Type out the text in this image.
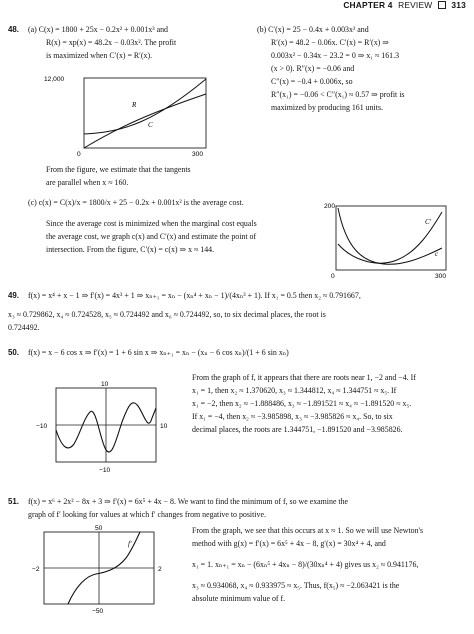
CHAPTER 4 REVIEW 313
48. (a) C(x) = 1800 + 25x − 0.2x² + 0.001x³ and
R(x) = xp(x) = 48.2x − 0.03x². The profit
is maximized when C′(x) = R′(x).
(b) C′(x) = 25 − 0.4x + 0.003x² and
R′(x) = 48.2 − 0.06x. C′(x) = R′(x) ⇒
0.003x² − 0.34x − 23.2 = 0 ⇒ x₁ ≈ 161.3
(x > 0). R″(x) = −0.06 and
C″(x) = −0.4 + 0.006x, so
R″(x₁) = −0.06 < C″(x₁) ≈ 0.57 ⇒ profit is
maximized by producing 161 units.
12,000
0	300
R
C
From the figure, we estimate that the tangents
are parallel when x ≈ 160.
(c) c(x) = C(x)/x = 1800/x + 25 − 0.2x + 0.001x² is the average cost.
Since the average cost is minimized when the marginal cost equals
the average cost, we graph c(x) and C′(x) and estimate the point of
intersection. From the figure, C′(x) = c(x) ⇒ x ≈ 144.
200
0	300
C′
c
49. f(x) = x⁴ + x − 1 ⇒ f′(x) = 4x³ + 1 ⇒ xₙ₊₁ = xₙ − (xₙ⁴ + xₙ − 1)/(4xₙ³ + 1). If x₁ = 0.5 then x₂ ≈ 0.791667,
x₃ ≈ 0.729862, x₄ ≈ 0.724528, x₅ ≈ 0.724492 and x₆ ≈ 0.724492, so, to six decimal places, the root is
0.724492.
50. f(x) = x − 6 cos x ⇒ f′(x) = 1 + 6 sin x ⇒ xₙ₊₁ = xₙ − (xₙ − 6 cos xₙ)/(1 + 6 sin xₙ)
From the graph of f, it appears that there are roots near 1, −2 and −4. If
x₁ = 1, then x₂ ≈ 1.370620, x₃ ≈ 1.344812, x₄ ≈ 1.344751 ≈ x₅. If
x₁ = −2, then x₂ ≈ −1.888486, x₃ ≈ −1.891521 ≈ x₄ ≈ −1.891520 ≈ x₅.
If x₁ = −4, then x₂ ≈ −3.985898, x₃ ≈ −3.985826 ≈ x₄. So, to six
decimal places, the roots are 1.344751, −1.891520 and −3.985826.
10
−10
−10	10
51. f(x) = x⁶ + 2x² − 8x + 3 ⇒ f′(x) = 6x⁵ + 4x − 8. We want to find the minimum of f, so we examine the
graph of f′ looking for values at which f′ changes from negative to positive.
From the graph, we see that this occurs at x ≈ 1. So we will use Newton's
method with g(x) = f′(x) = 6x⁵ + 4x − 8, g′(x) = 30x⁴ + 4, and
x₁ = 1. xₙ₊₁ = xₙ − (6xₙ⁵ + 4xₙ − 8)/(30xₙ⁴ + 4) gives us x₂ ≈ 0.941176,
x₃ ≈ 0.934068, x₄ ≈ 0.933975 ≈ x₅. Thus, f(x₅) ≈ −2.063421 is the
absolute minimum value of f.
50
−50
−2	2
f′
